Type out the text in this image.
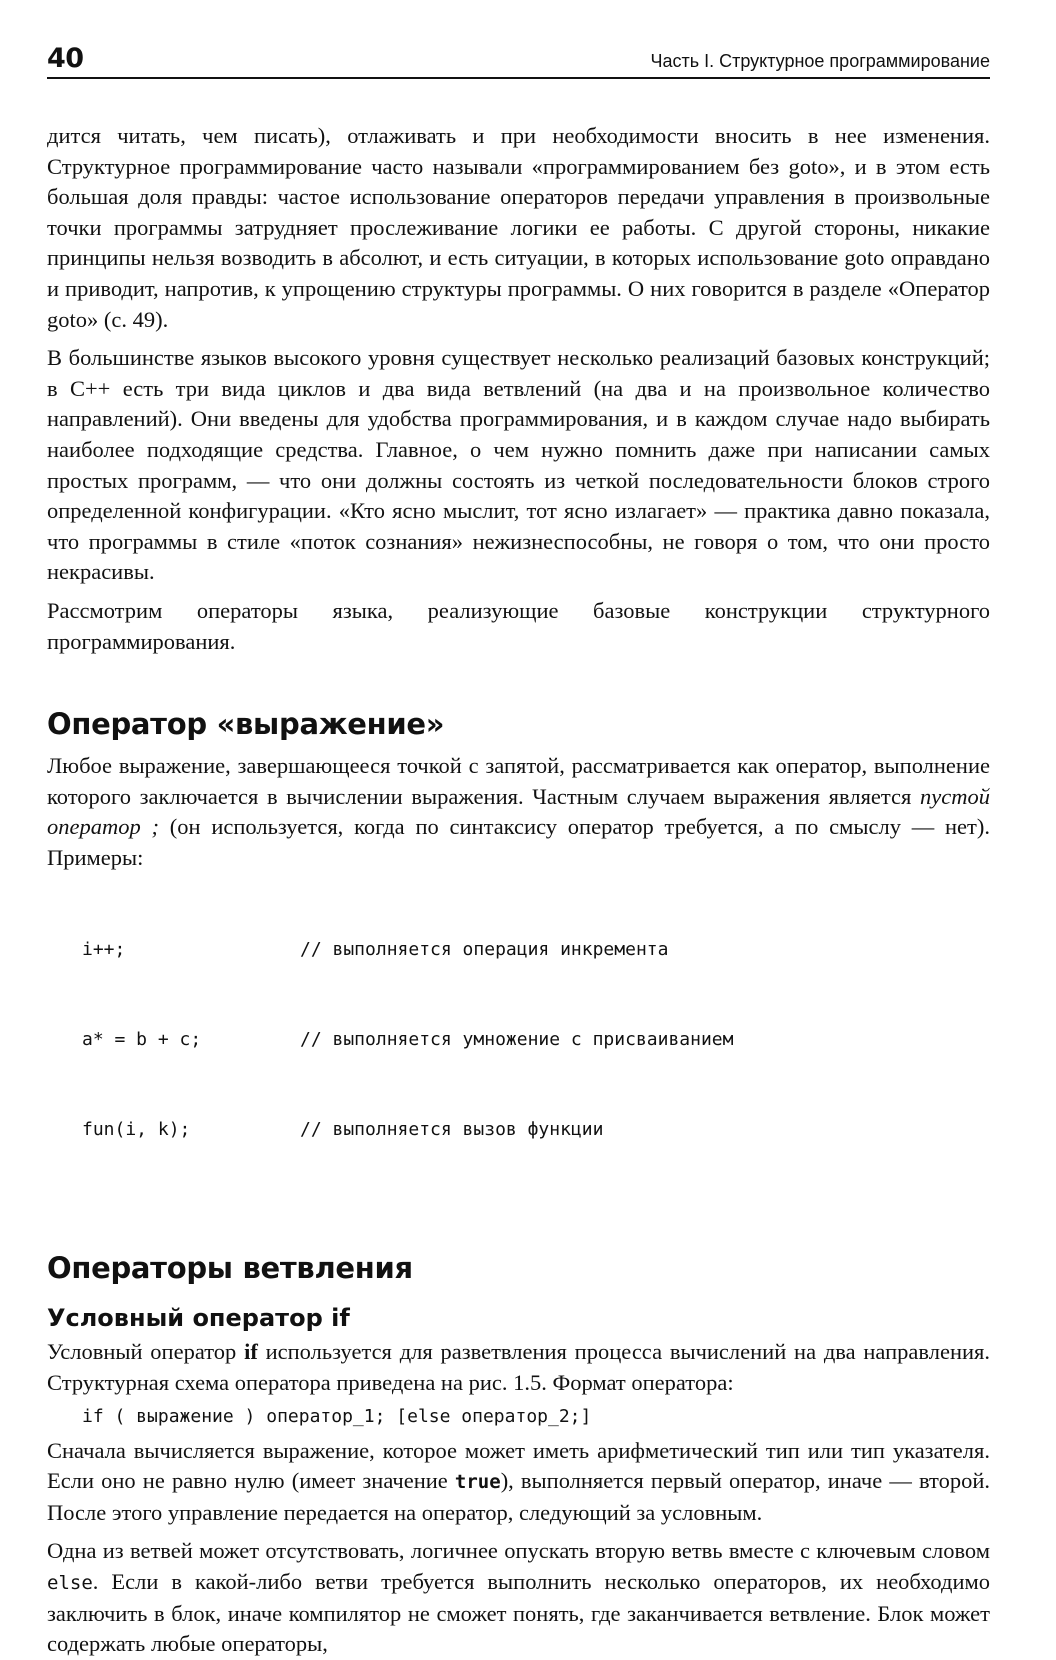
40	Часть I. Структурное программирование

дится читать, чем писать), отлаживать и при необходимости вносить в нее изменения. Структурное программирование часто называли «программированием без goto», и в этом есть большая доля правды: частое использование операторов передачи управления в произвольные точки программы затрудняет прослеживание логики ее работы. С другой стороны, никакие принципы нельзя возводить в абсолют, и есть ситуации, в которых использование goto оправдано и приводит, напротив, к упрощению структуры программы. О них говорится в разделе «Оператор goto» (с. 49).

В большинстве языков высокого уровня существует несколько реализаций базовых конструкций; в С++ есть три вида циклов и два вида ветвлений (на два и на произвольное количество направлений). Они введены для удобства программирования, и в каждом случае надо выбирать наиболее подходящие средства. Главное, о чем нужно помнить даже при написании самых простых программ, — что они должны состоять из четкой последовательности блоков строго определенной конфигурации. «Кто ясно мыслит, тот ясно излагает» — практика давно показала, что программы в стиле «поток сознания» нежизнеспособны, не говоря о том, что они просто некрасивы.

Рассмотрим операторы языка, реализующие базовые конструкции структурного программирования.

Оператор «выражение»

Любое выражение, завершающееся точкой с запятой, рассматривается как оператор, выполнение которого заключается в вычислении выражения. Частным случаем выражения является пустой оператор ; (он используется, когда по синтаксису оператор требуется, а по смыслу — нет). Примеры:

i++;	// выполняется операция инкремента

a* = b + c;	// выполняется умножение с присваиванием

fun(i, k);	// выполняется вызов функции

Операторы ветвления
Условный оператор if

Условный оператор if используется для разветвления процесса вычислений на два направления. Структурная схема оператора приведена на рис. 1.5. Формат оператора:

if ( выражение ) оператор_1; [else оператор_2;]

Сначала вычисляется выражение, которое может иметь арифметический тип или тип указателя. Если оно не равно нулю (имеет значение true), выполняется первый оператор, иначе — второй. После этого управление передается на оператор, следующий за условным.

Одна из ветвей может отсутствовать, логичнее опускать вторую ветвь вместе с ключевым словом else. Если в какой-либо ветви требуется выполнить несколько операторов, их необходимо заключить в блок, иначе компилятор не сможет понять, где заканчивается ветвление. Блок может содержать любые операторы,
